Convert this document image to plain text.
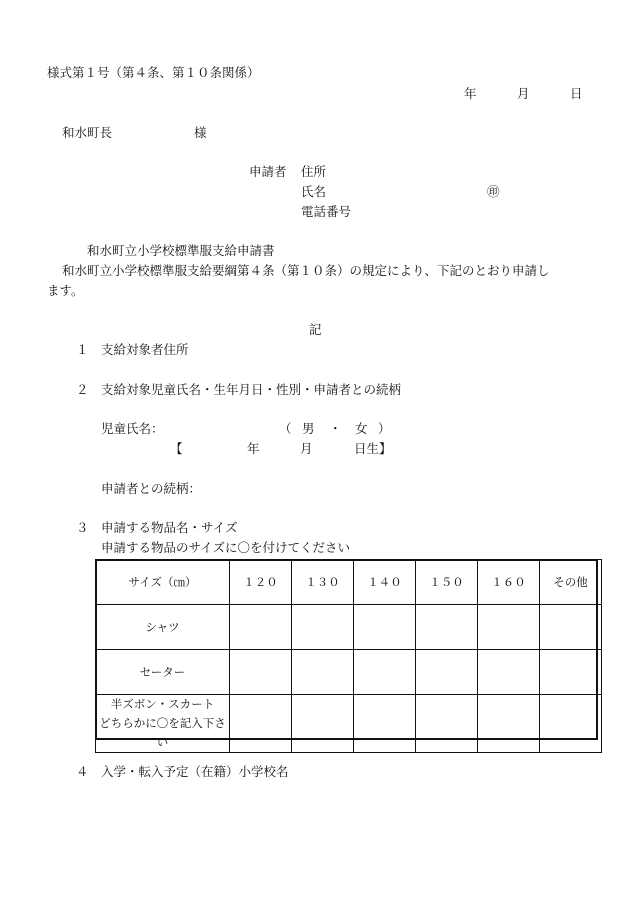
様式第１号（第４条、第１０条関係）
年	月	日
和水町長	様
申請者 住所
氏名	㊞
電話番号
和水町立小学校標準服支給申請書
和水町立小学校標準服支給要綱第４条（第１０条）の規定により、下記のとおり申請し
ます。
記
１ 支給対象者住所
２ 支給対象児童氏名・生年月日・性別・申請者との続柄
児童氏名：	（ 男 ・ 女 ）
【	年	月	日生】
申請者との続柄：
３ 申請する物品名・サイズ
申請する物品のサイズに〇を付けてください
サイズ（㎝）	１２０	１３０	１４０	１５０	１６０	その他
シャツ						
セーター						

半ズボン・スカート
どちらかに〇を記入下さい						

４ 入学・転入予定（在籍）小学校名
